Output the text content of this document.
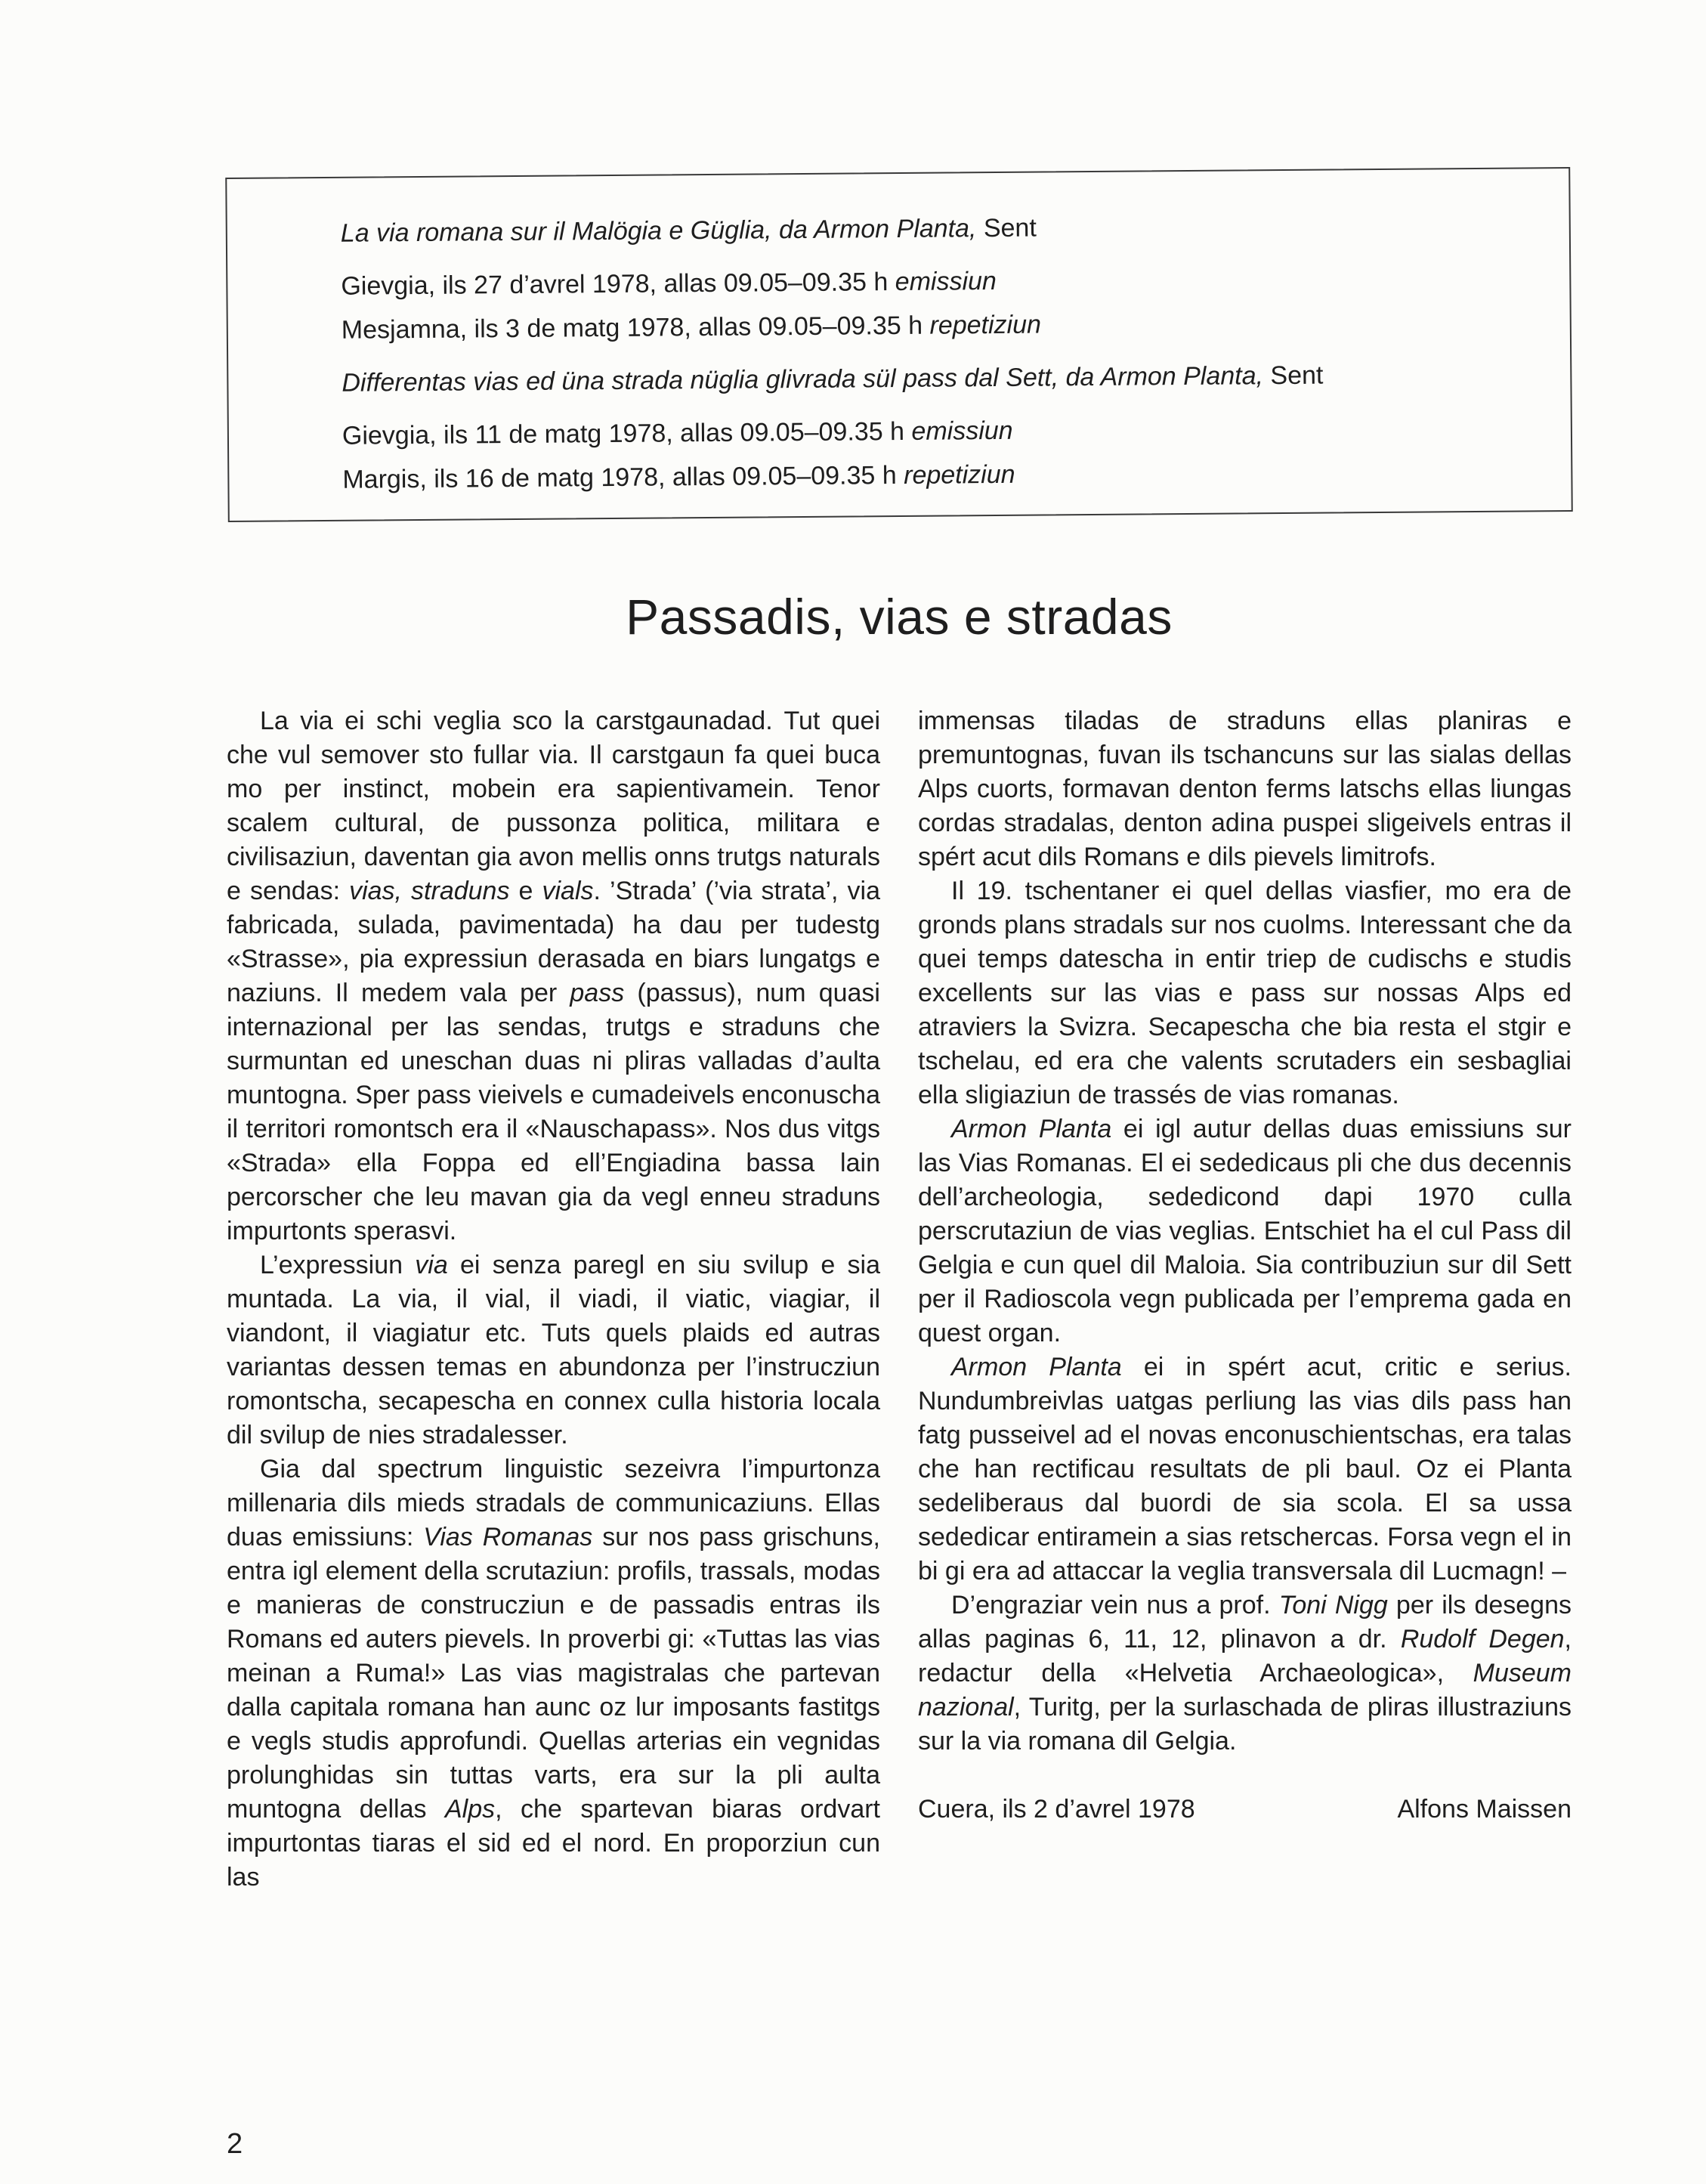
La via romana sur il Malögia e Güglia, da Armon Planta, Sent

Gievgia, ils 27 d’avrel 1978, allas 09.05–09.35 h emissiun

Mesjamna, ils 3 de matg 1978, allas 09.05–09.35 h repetiziun

Differentas vias ed üna strada nüglia glivrada sül pass dal Sett, da Armon Planta, Sent

Gievgia, ils 11 de matg 1978, allas 09.05–09.35 h emissiun

Margis, ils 16 de matg 1978, allas 09.05–09.35 h repetiziun

Passadis, vias e stradas

La via ei schi veglia sco la carstgaunadad. Tut quei che vul semover sto fullar via. Il carstgaun fa quei buca mo per instinct, mobein era sapientivamein. Tenor scalem cultural, de pussonza politica, militara e civilisaziun, daventan gia avon mellis onns trutgs naturals e sendas: vias, straduns e vials. ’Strada’ (’via strata’, via fabricada, sulada, pavimentada) ha dau per tudestg «Strasse», pia expressiun derasada en biars lungatgs e naziuns. Il medem vala per pass (passus), num quasi internazional per las sendas, trutgs e straduns che surmuntan ed uneschan duas ni pliras valladas d’aulta muntogna. Sper pass vieivels e cumadeivels enconuscha il territori romontsch era il «Nauschapass». Nos dus vitgs «Strada» ella Foppa ed ell’Engiadina bassa lain percorscher che leu mavan gia da vegl enneu straduns impurtonts sperasvi.

L’expressiun via ei senza paregl en siu svilup e sia muntada. La via, il vial, il viadi, il viatic, viagiar, il viandont, il viagiatur etc. Tuts quels plaids ed autras variantas dessen temas en abundonza per l’instrucziun romontscha, secapescha en connex culla historia locala dil svilup de nies stradalesser.

Gia dal spectrum linguistic sezeivra l’impurtonza millenaria dils mieds stradals de communicaziuns. Ellas duas emissiuns: Vias Romanas sur nos pass grischuns, entra igl element della scrutaziun: profils, trassals, modas e manieras de construcziun e de passadis entras ils Romans ed auters pievels. In proverbi gi: «Tuttas las vias meinan a Ruma!» Las vias magistralas che partevan dalla capitala romana han aunc oz lur imposants fastitgs e vegls studis approfundi. Quellas arterias ein vegnidas prolunghidas sin tuttas varts, era sur la pli aulta muntogna dellas Alps, che spartevan biaras ordvart impurtontas tiaras el sid ed el nord. En proporziun cun las

immensas tiladas de straduns ellas planiras e premuntognas, fuvan ils tschancuns sur las sialas dellas Alps cuorts, formavan denton ferms latschs ellas liungas cordas stradalas, denton adina puspei sligeivels entras il spért acut dils Romans e dils pievels limitrofs.

Il 19. tschentaner ei quel dellas viasfier, mo era de gronds plans stradals sur nos cuolms. Interessant che da quei temps datescha in entir triep de cudischs e studis excellents sur las vias e pass sur nossas Alps ed atraviers la Svizra. Secapescha che bia resta el stgir e tschelau, ed era che valents scrutaders ein sesbagliai ella sligiaziun de trassés de vias romanas.

Armon Planta ei igl autur dellas duas emissiuns sur las Vias Romanas. El ei sededicaus pli che dus decennis dell’archeologia, sededicond dapi 1970 culla perscrutaziun de vias veglias. Entschiet ha el cul Pass dil Gelgia e cun quel dil Maloia. Sia contribuziun sur dil Sett per il Radioscola vegn publicada per l’emprema gada en quest organ.

Armon Planta ei in spért acut, critic e serius. Nundumbreivlas uatgas perliung las vias dils pass han fatg pusseivel ad el novas enconuschientschas, era talas che han rectificau resultats de pli baul. Oz ei Planta sedeliberaus dal buordi de sia scola. El sa ussa sededicar entiramein a sias retschercas. Forsa vegn el in bi gi era ad attaccar la veglia transversala dil Lucmagn! –

D’engraziar vein nus a prof. Toni Nigg per ils desegns allas paginas 6, 11, 12, plinavon a dr. Rudolf Degen, redactur della «Helvetia Archaeologica», Museum nazional, Turitg, per la surlaschada de pliras illustraziuns sur la via romana dil Gelgia.

Cuera, ils 2 d’avrel 1978	Alfons Maissen
2
